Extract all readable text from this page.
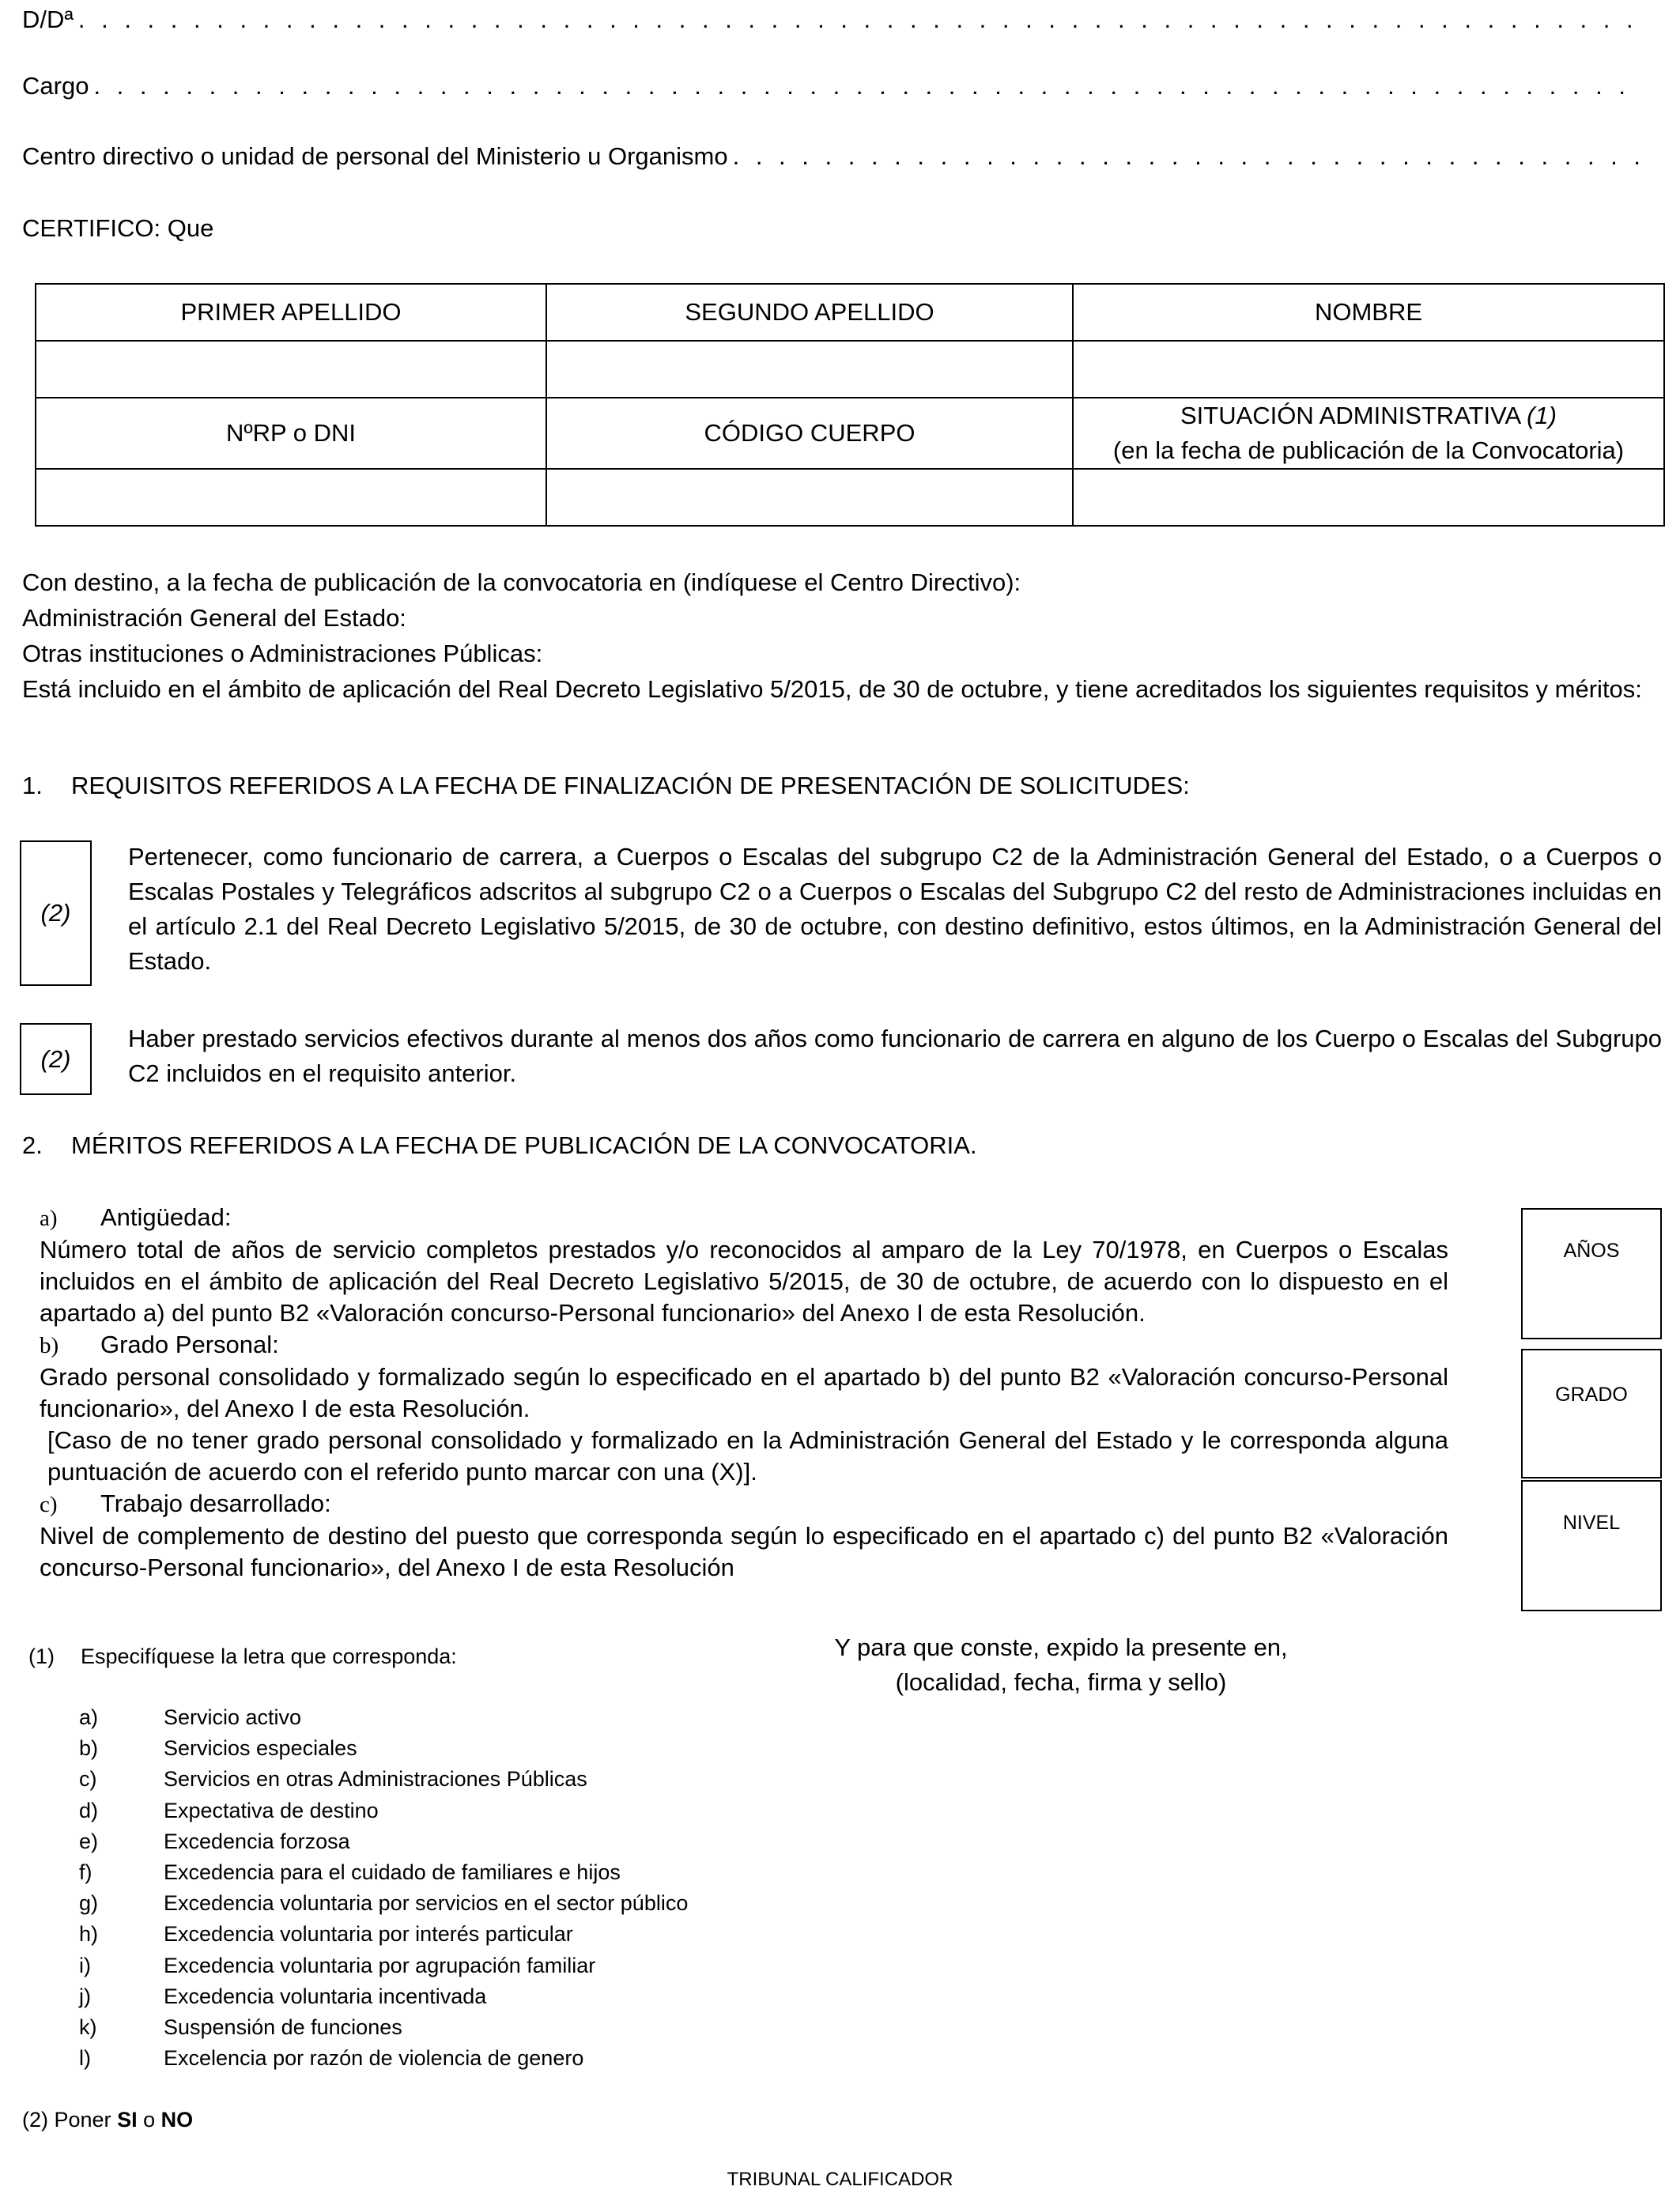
D/Dª
. . .
Cargo
. . .
Centro directivo o unidad de personal del Ministerio u Organismo
. . .
CERTIFICO: Que
PRIMER APELLIDO	SEGUNDO APELLIDO	NOMBRE

NºRP o DNI	CÓDIGO CUERPO	SITUACIÓN ADMINISTRATIVA (1)
(en la fecha de publicación de la Convocatoria)

Con destino, a la fecha de publicación de la convocatoria en (indíquese el Centro Directivo):
Administración General del Estado:
Otras instituciones o Administraciones Públicas:
Está incluido en el ámbito de aplicación del Real Decreto Legislativo 5/2015, de 30 de octubre, y tiene acreditados los siguientes requisitos y méritos:
1. REQUISITOS REFERIDOS A LA FECHA DE FINALIZACIÓN DE PRESENTACIÓN DE SOLICITUDES:
(2)
Pertenecer, como funcionario de carrera, a Cuerpos o Escalas del subgrupo C2 de la Administración General del Estado, o a Cuerpos o Escalas Postales y Telegráficos adscritos al subgrupo C2 o a Cuerpos o Escalas del Subgrupo C2 del resto de Administraciones incluidas en el artículo 2.1 del Real Decreto Legislativo 5/2015, de 30 de octubre, con destino definitivo, estos últimos, en la Administración General del Estado.
(2)
Haber prestado servicios efectivos durante al menos dos años como funcionario de carrera en alguno de los Cuerpo o Escalas del Subgrupo C2 incluidos en el requisito anterior.
2. MÉRITOS REFERIDOS A LA FECHA DE PUBLICACIÓN DE LA CONVOCATORIA.
a) Antigüedad:
Número total de años de servicio completos prestados y/o reconocidos al amparo de la Ley 70/1978, en Cuerpos o Escalas incluidos en el ámbito de aplicación del Real Decreto Legislativo 5/2015, de 30 de octubre, de acuerdo con lo dispuesto en el apartado a) del punto B2 «Valoración concurso-Personal funcionario» del Anexo I de esta Resolución.
b) Grado Personal:
Grado personal consolidado y formalizado según lo especificado en el apartado b) del punto B2 «Valoración concurso-Personal funcionario», del Anexo I de esta Resolución.
[Caso de no tener grado personal consolidado y formalizado en la Administración General del Estado y le corresponda alguna puntuación de acuerdo con el referido punto marcar con una (X)].
c) Trabajo desarrollado:
Nivel de complemento de destino del puesto que corresponda según lo especificado en el apartado c) del punto B2 «Valoración concurso-Personal funcionario», del Anexo I de esta Resolución
AÑOS
GRADO
NIVEL
(1) Especifíquese la letra que corresponda:
a)	Servicio activo
b)	Servicios especiales
c)	Servicios en otras Administraciones Públicas
d)	Expectativa de destino
e)	Excedencia forzosa
f)	Excedencia para el cuidado de familiares e hijos
g)	Excedencia voluntaria por servicios en el sector público
h)	Excedencia voluntaria por interés particular
i)	Excedencia voluntaria por agrupación familiar
j)	Excedencia voluntaria incentivada
k)	Suspensión de funciones
l)	Excelencia por razón de violencia de genero
Y para que conste, expido la presente en,
(localidad, fecha, firma y sello)
(2) Poner SI o NO
TRIBUNAL CALIFICADOR
